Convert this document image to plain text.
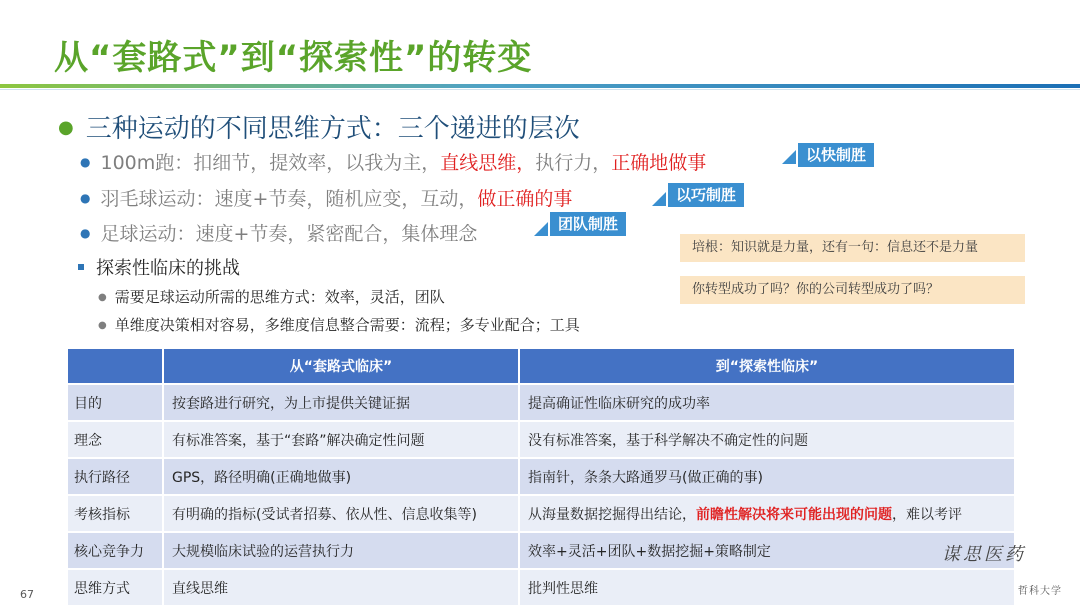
从“套路式”到“探索性”的转变
● 三种运动的不同思维方式：三个递进的层次
● 100m跑：扣细节，提效率，以我为主，直线思维，执行力，正确地做事	以快制胜
● 羽毛球运动：速度+节奏，随机应变，互动，做正确的事	以巧制胜
● 足球运动：速度+节奏，紧密配合，集体理念	团队制胜
探索性临床的挑战
● 需要足球运动所需的思维方式：效率，灵活，团队
● 单维度决策相对容易，多维度信息整合需要：流程；多专业配合；工具
培根：知识就是力量，还有一句：信息还不是力量
你转型成功了吗？你的公司转型成功了吗？
	从“套路式临床”	到“探索性临床”
目的	按套路进行研究，为上市提供关键证据	提高确证性临床研究的成功率
理念	有标准答案，基于“套路”解决确定性问题	没有标准答案，基于科学解决不确定性的问题
执行路径	GPS，路径明确(正确地做事)	指南针，条条大路通罗马(做正确的事)
考核指标	有明确的指标(受试者招募、依从性、信息收集等)	从海量数据挖掘得出结论，前瞻性解决将来可能出现的问题，难以考评
核心竞争力	大规模临床试验的运营执行力	效率+灵活+团队+数据挖掘+策略制定
思维方式	直线思维	批判性思维
67
谋思医药
哲科大学
